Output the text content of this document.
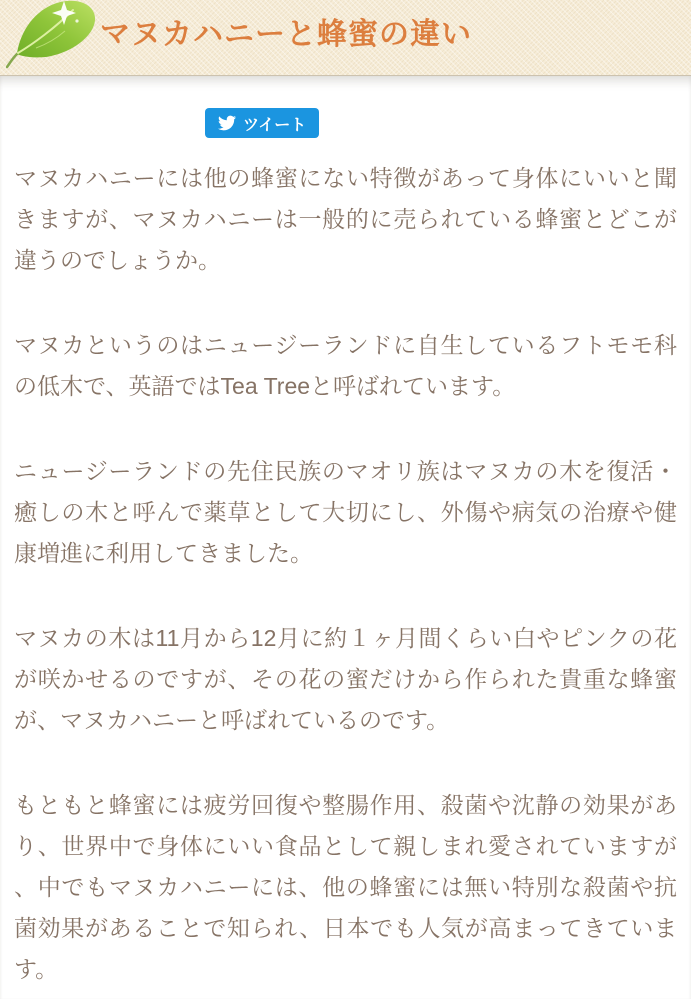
マヌカハニーと蜂蜜の違い
ツイート

マヌカハニーには他の蜂蜜にない特徴があって身体にいいと聞きますが、マヌカハニーは一般的に売られている蜂蜜とどこが違うのでしょうか。

マヌカというのはニュージーランドに自生しているフトモモ科の低木で、英語ではTea Treeと呼ばれています。

ニュージーランドの先住民族のマオリ族はマヌカの木を復活・癒しの木と呼んで薬草として大切にし、外傷や病気の治療や健康増進に利用してきました。

マヌカの木は11月から12月に約１ヶ月間くらい白やピンクの花が咲かせるのですが、その花の蜜だけから作られた貴重な蜂蜜が、マヌカハニーと呼ばれているのです。

もともと蜂蜜には疲労回復や整腸作用、殺菌や沈静の効果があり、世界中で身体にいい食品として親しまれ愛されていますが、中でもマヌカハニーには、他の蜂蜜には無い特別な殺菌や抗菌効果があることで知られ、日本でも人気が高まってきています。
